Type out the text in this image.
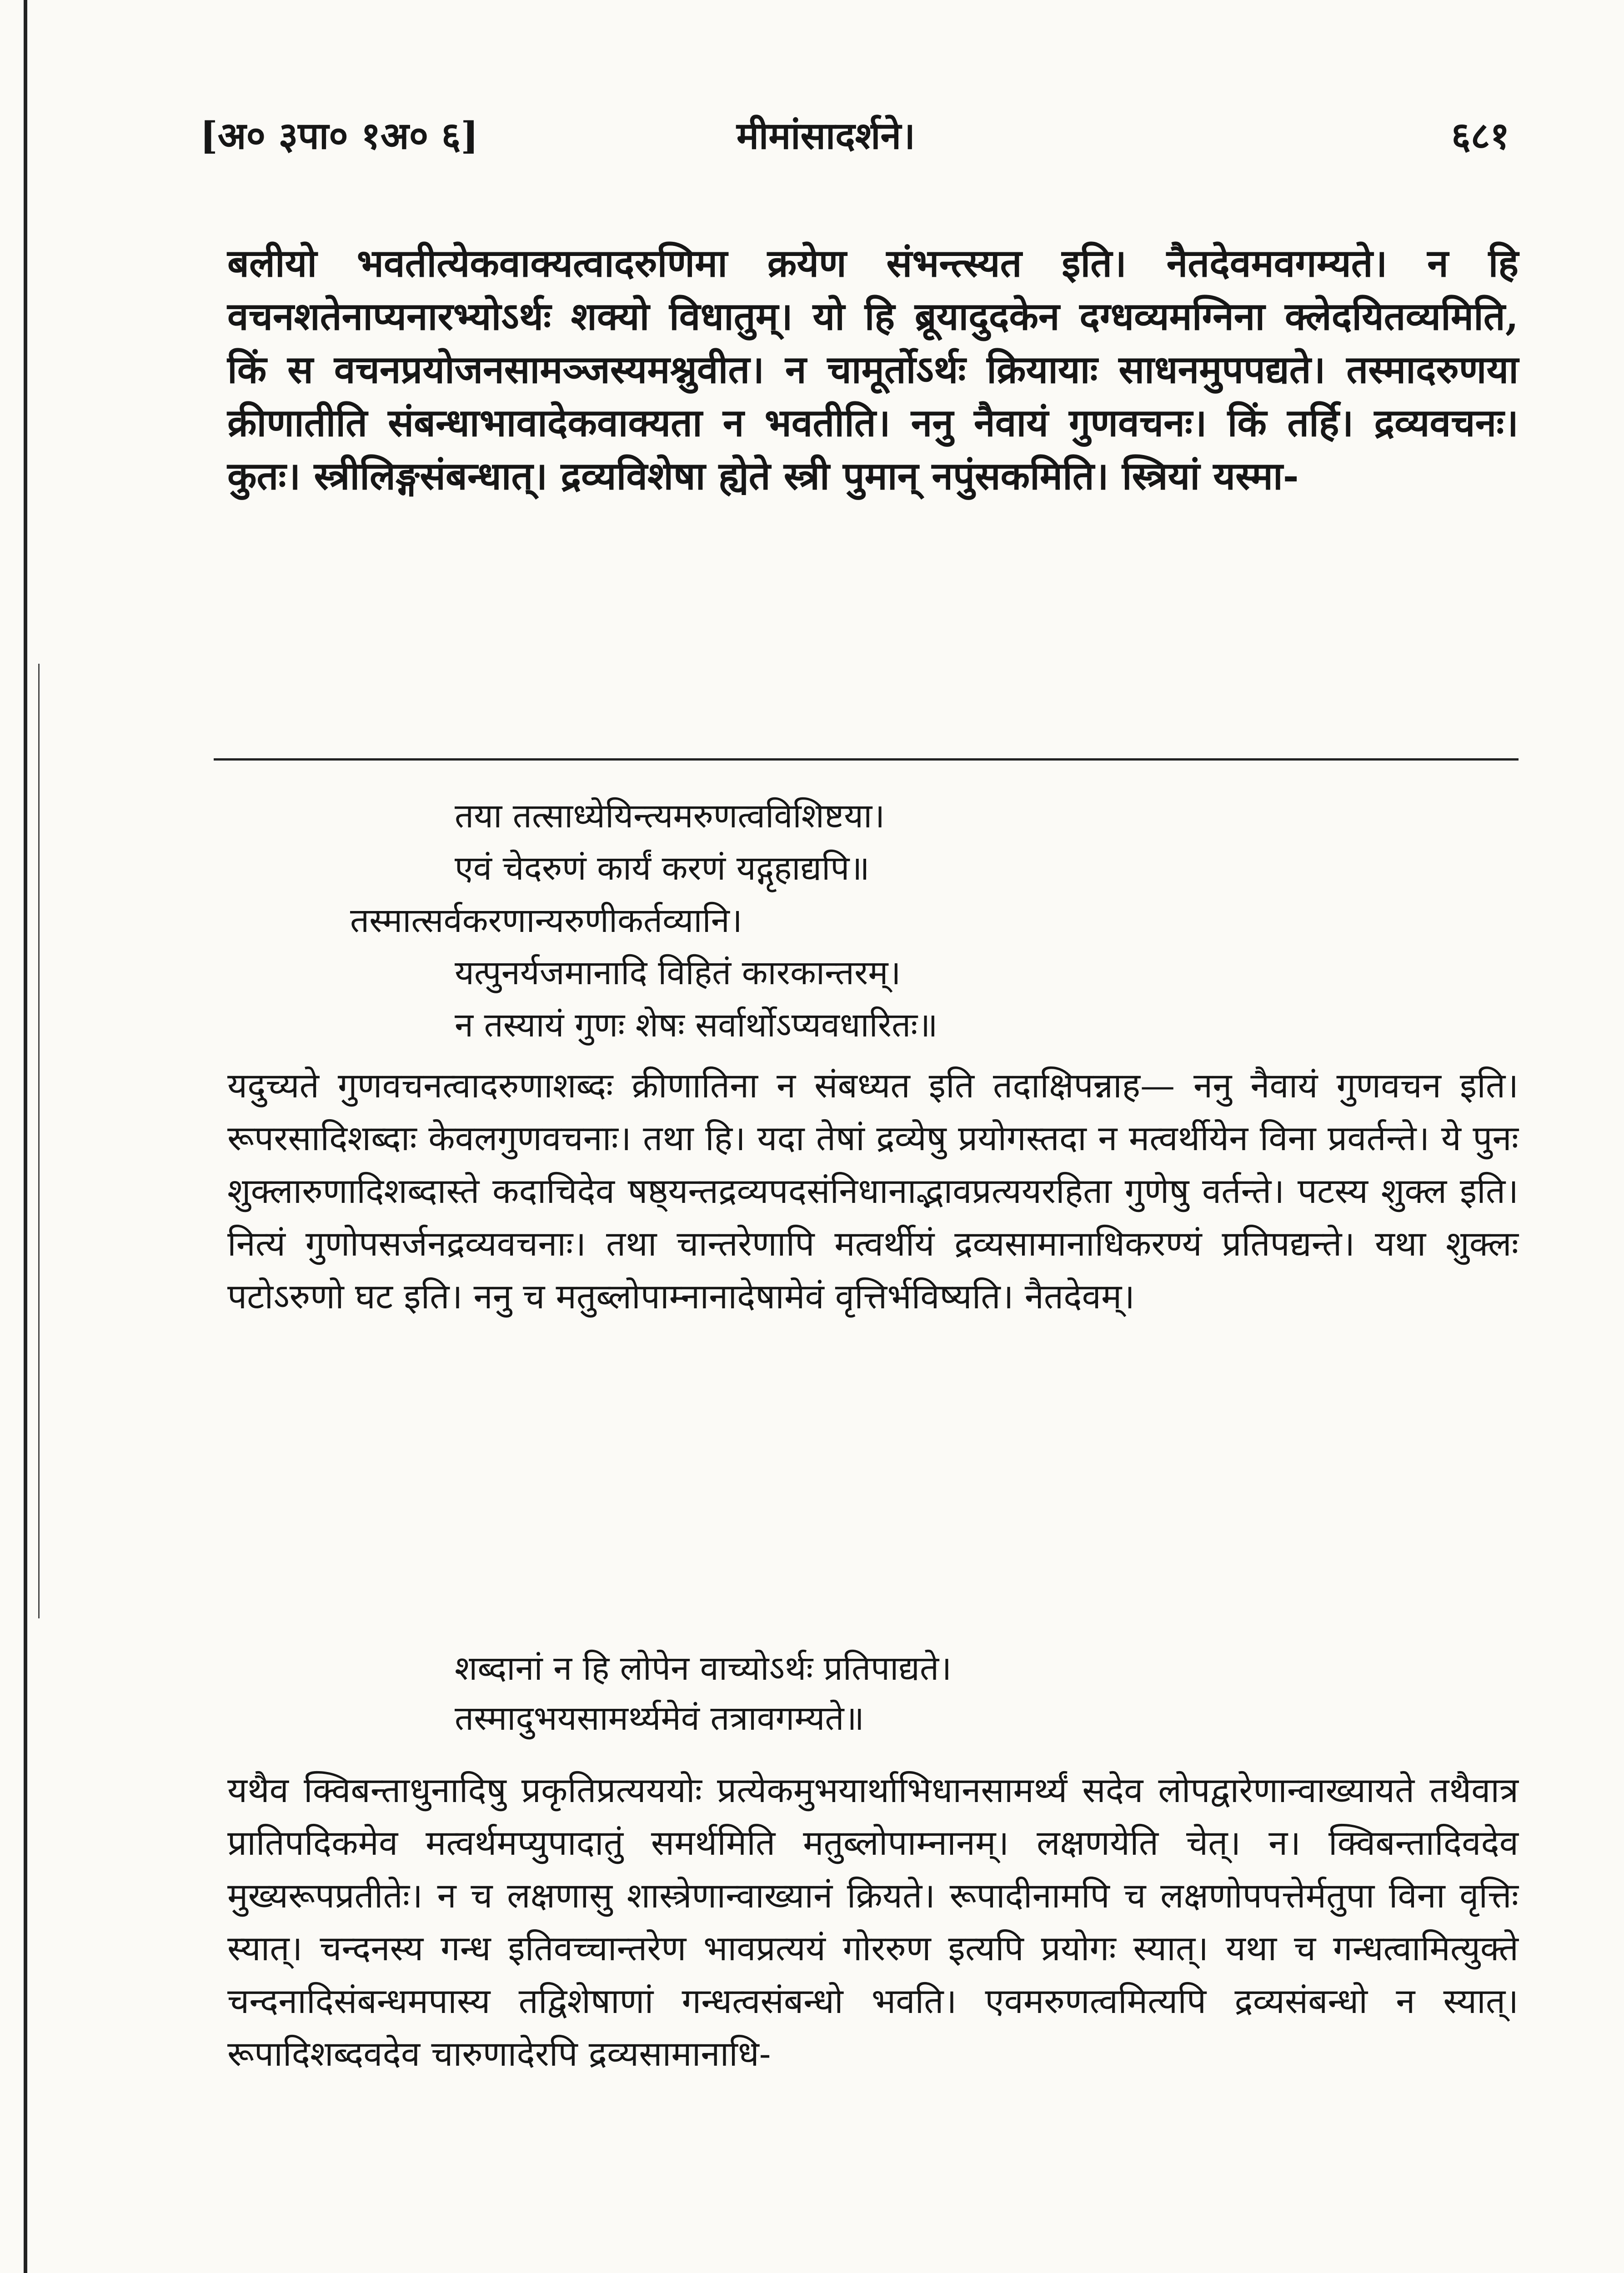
[अ० ३पा० १अ० ६]	मीमांसादर्शने।	६८१
बलीयो भवतीत्येकवाक्यत्वादरुणिमा क्रयेण संभन्त्स्यत इति। नैतदेवमवगम्यते। न हि वचनशतेनाप्यनारभ्योऽर्थः शक्यो विधातुम्। यो हि ब्रूयादुदकेन दग्धव्यमग्निना क्लेदयितव्यमिति, किं स वचनप्रयोजनसामञ्जस्यमश्नुवीत। न चामूर्तोऽर्थः क्रियायाः साधनमुपपद्यते। तस्मादरुणया क्रीणातीति संबन्धाभावादेकवाक्यता न भवतीति। ननु नैवायं गुणवचनः। किं तर्हि। द्रव्यवचनः। कुतः। स्त्रीलिङ्गसंबन्धात्। द्रव्यविशेषा ह्येते स्त्री पुमान् नपुंसकमिति। स्त्रियां यस्मा-
तया तत्साध्येयिन्त्यमरुणत्वविशिष्टया।
एवं चेदरुणं कार्यं करणं यद्गृहाद्यपि॥
तस्मात्सर्वकरणान्यरुणीकर्तव्यानि।
यत्पुनर्यजमानादि विहितं कारकान्तरम्।
न तस्यायं गुणः शेषः सर्वार्थोऽप्यवधारितः॥
यदुच्यते गुणवचनत्वादरुणाशब्दः क्रीणातिना न संबध्यत इति तदाक्षिपन्नाह— ननु नैवायं गुणवचन इति। रूपरसादिशब्दाः केवलगुणवचनाः। तथा हि। यदा तेषां द्रव्येषु प्रयोगस्तदा न मत्वर्थीयेन विना प्रवर्तन्ते। ये पुनः शुक्लारुणादिशब्दास्ते कदाचिदेव षष्ठ्यन्तद्रव्यपदसंनिधानाद्भावप्रत्ययरहिता गुणेषु वर्तन्ते। पटस्य शुक्ल इति। नित्यं गुणोपसर्जनद्रव्यवचनाः। तथा चान्तरेणापि मत्वर्थीयं द्रव्यसामानाधिकरण्यं प्रतिपद्यन्ते। यथा शुक्लः पटोऽरुणो घट इति। ननु च मतुब्लोपाम्नानादेषामेवं वृत्तिर्भविष्यति। नैतदेवम्।
शब्दानां न हि लोपेन वाच्योऽर्थः प्रतिपाद्यते।
तस्मादुभयसामर्थ्यमेवं तत्रावगम्यते॥
यथैव क्विबन्ताधुनादिषु प्रकृतिप्रत्यययोः प्रत्येकमुभयार्थाभिधानसामर्थ्यं सदेव लोपद्वारेणान्वाख्यायते तथैवात्र प्रातिपदिकमेव मत्वर्थमप्युपादातुं समर्थमिति मतुब्लोपाम्नानम्। लक्षणयेति चेत्। न। क्विबन्तादिवदेव मुख्यरूपप्रतीतेः। न च लक्षणासु शास्त्रेणान्वाख्यानं क्रियते। रूपादीनामपि च लक्षणोपपत्तेर्मतुपा विना वृत्तिः स्यात्। चन्दनस्य गन्ध इतिवच्चान्तरेण भावप्रत्ययं गोररुण इत्यपि प्रयोगः स्यात्। यथा च गन्धत्वामित्युक्ते चन्दनादिसंबन्धमपास्य तद्विशेषाणां गन्धत्वसंबन्धो भवति। एवमरुणत्वमित्यपि द्रव्यसंबन्धो न स्यात्। रूपादिशब्दवदेव चारुणादेरपि द्रव्यसामानाधि-
